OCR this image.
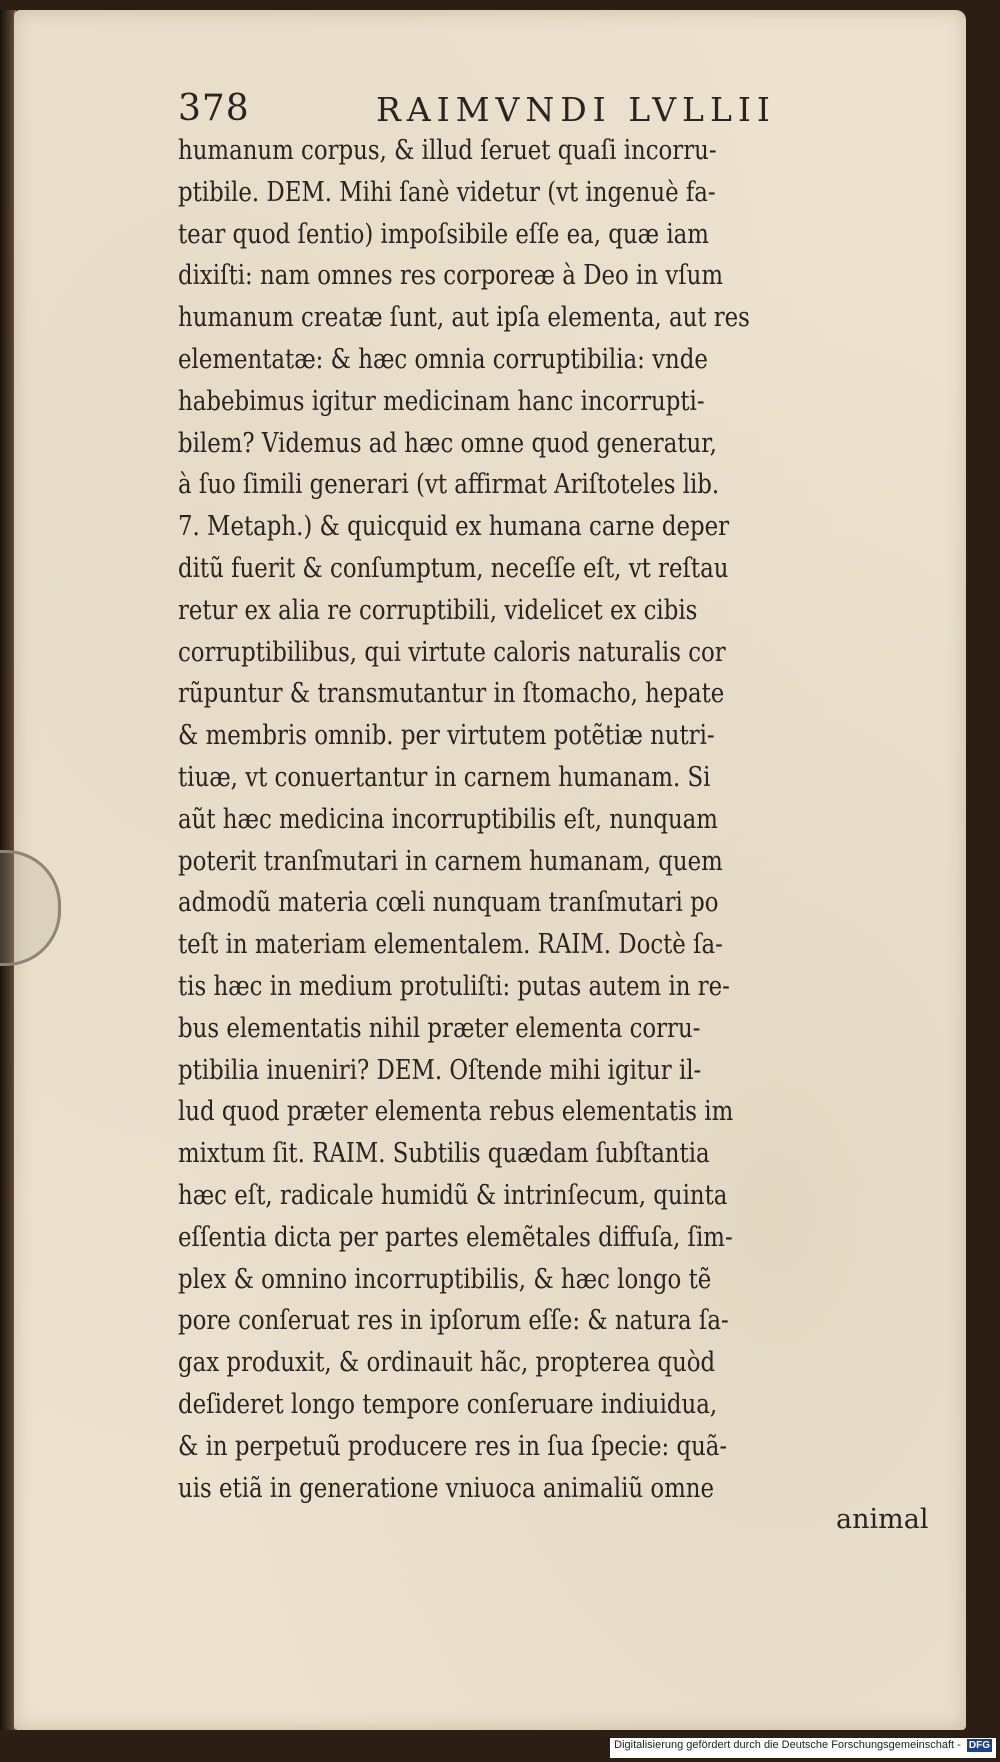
378	RAIMVNDI LVLLII
humanum corpus, & illud ſeruet quaſi incorru-
ptibile. DEM. Mihi ſanè videtur (vt ingenuè fa-
tear quod ſentio) impoſsibile eſſe ea, quæ iam
dixiſti: nam omnes res corporeæ à Deo in vſum
humanum creatæ ſunt, aut ipſa elementa, aut res
elementatæ: & hæc omnia corruptibilia: vnde
habebimus igitur medicinam hanc incorrupti-
bilem? Videmus ad hæc omne quod generatur,
à ſuo ſimili generari (vt affirmat Ariſtoteles lib.
7. Metaph.) & quicquid ex humana carne deper
ditũ fuerit & conſumptum, neceſſe eſt, vt reſtau
retur ex alia re corruptibili, videlicet ex cibis
corruptibilibus, qui virtute caloris naturalis cor
rũpuntur & transmutantur in ſtomacho, hepate
& membris omnib. per virtutem potẽtiæ nutri-
tiuæ, vt conuertantur in carnem humanam. Si
aũt hæc medicina incorruptibilis eſt, nunquam
poterit tranſmutari in carnem humanam, quem
admodũ materia cœli nunquam tranſmutari po
teſt in materiam elementalem. RAIM. Doctè ſa-
tis hæc in medium protuliſti: putas autem in re-
bus elementatis nihil præter elementa corru-
ptibilia inueniri? DEM. Oſtende mihi igitur il-
lud quod præter elementa rebus elementatis im
mixtum ſit. RAIM. Subtilis quædam ſubſtantia
hæc eſt, radicale humidũ & intrinſecum, quinta
eſſentia dicta per partes elemẽtales diffuſa, ſim-
plex & omnino incorruptibilis, & hæc longo tẽ
pore conſeruat res in ipſorum eſſe: & natura ſa-
gax produxit, & ordinauit hãc, propterea quòd
deſideret longo tempore conſeruare indiuidua,
& in perpetuũ producere res in ſua ſpecie: quã-
uis etiã in generatione vniuoca animaliũ omne
animal
Digitalisierung gefördert durch die Deutsche Forschungsgemeinschaft - DFG
